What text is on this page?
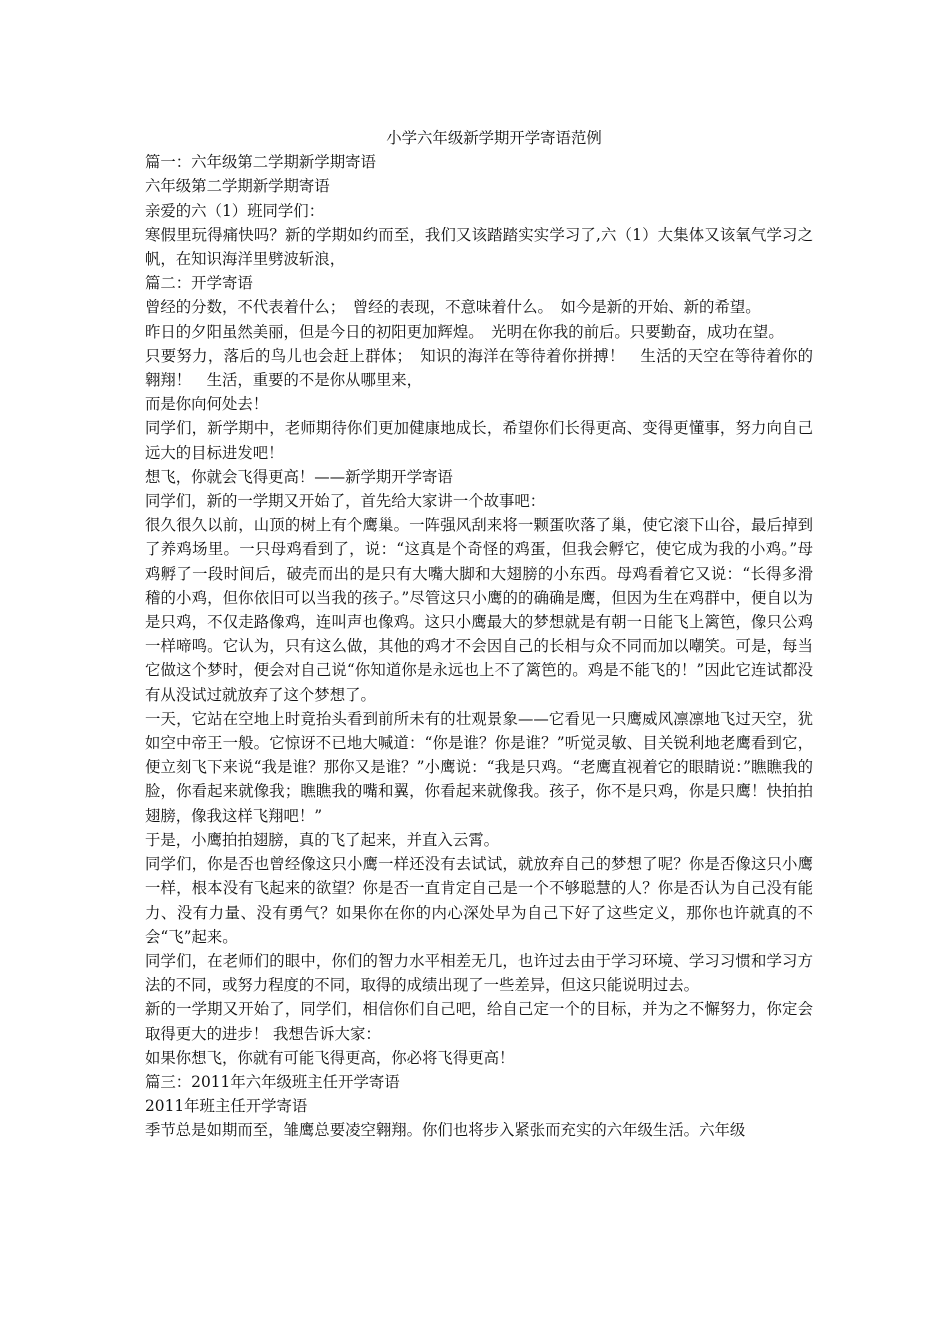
小学六年级新学期开学寄语范例

篇一：六年级第二学期新学期寄语

六年级第二学期新学期寄语

亲爱的六（1）班同学们：

寒假里玩得痛快吗？新的学期如约而至，我们又该踏踏实实学习了,六（1）大集体又该氧气学习之帆，在知识海洋里劈波斩浪，

篇二：开学寄语

曾经的分数，不代表着什么；　曾经的表现，不意味着什么。　如今是新的开始、新的希望。

昨日的夕阳虽然美丽，但是今日的初阳更加辉煌。　光明在你我的前后。只要勤奋，成功在望。

只要努力，落后的鸟儿也会赶上群体；　知识的海洋在等待着你拼搏！　生活的天空在等待着你的翱翔！　生活，重要的不是你从哪里来，

而是你向何处去！

同学们，新学期中，老师期待你们更加健康地成长，希望你们长得更高、变得更懂事，努力向自己远大的目标进发吧！

想飞，你就会飞得更高！——新学期开学寄语

同学们，新的一学期又开始了，首先给大家讲一个故事吧：

很久很久以前，山顶的树上有个鹰巢。一阵强风刮来将一颗蛋吹落了巢，使它滚下山谷，最后掉到了养鸡场里。一只母鸡看到了，说：“这真是个奇怪的鸡蛋，但我会孵它，使它成为我的小鸡。”母鸡孵了一段时间后，破壳而出的是只有大嘴大脚和大翅膀的小东西。母鸡看着它又说：“长得多滑稽的小鸡，但你依旧可以当我的孩子。”尽管这只小鹰的的确确是鹰，但因为生在鸡群中，便自以为是只鸡，不仅走路像鸡，连叫声也像鸡。这只小鹰最大的梦想就是有朝一日能飞上篱笆，像只公鸡一样啼鸣。它认为，只有这么做，其他的鸡才不会因自己的长相与众不同而加以嘲笑。可是，每当它做这个梦时，便会对自己说“你知道你是永远也上不了篱笆的。鸡是不能飞的！”因此它连试都没有从没试过就放弃了这个梦想了。

一天，它站在空地上时竟抬头看到前所未有的壮观景象——它看见一只鹰威风凛凛地飞过天空，犹如空中帝王一般。它惊讶不已地大喊道：“你是谁？你是谁？”听觉灵敏、目关锐利地老鹰看到它，便立刻飞下来说“我是谁？那你又是谁？”小鹰说：“我是只鸡。“老鹰直视着它的眼睛说：”瞧瞧我的脸，你看起来就像我；瞧瞧我的嘴和翼，你看起来就像我。孩子，你不是只鸡，你是只鹰！快拍拍翅膀，像我这样飞翔吧！”

于是，小鹰拍拍翅膀，真的飞了起来，并直入云霄。

同学们，你是否也曾经像这只小鹰一样还没有去试试，就放弃自己的梦想了呢？你是否像这只小鹰一样，根本没有飞起来的欲望？你是否一直肯定自己是一个不够聪慧的人？你是否认为自己没有能力、没有力量、没有勇气？如果你在你的内心深处早为自己下好了这些定义，那你也许就真的不会“飞”起来。

同学们，在老师们的眼中，你们的智力水平相差无几，也许过去由于学习环境、学习习惯和学习方法的不同，或努力程度的不同，取得的成绩出现了一些差异，但这只能说明过去。

新的一学期又开始了，同学们，相信你们自己吧，给自己定一个的目标，并为之不懈努力，你定会取得更大的进步！ 我想告诉大家：

如果你想飞，你就有可能飞得更高，你必将飞得更高！

篇三：2011年六年级班主任开学寄语

2011年班主任开学寄语

季节总是如期而至，雏鹰总要凌空翱翔。你们也将步入紧张而充实的六年级生活。六年级
